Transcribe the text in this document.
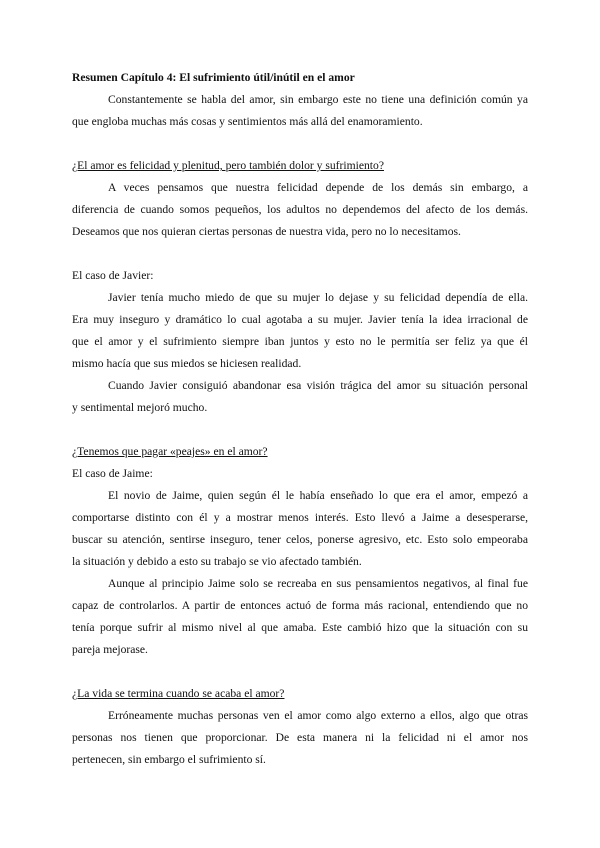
Resumen Capítulo 4: El sufrimiento útil/inútil en el amor

Constantemente se habla del amor, sin embargo este no tiene una definición común ya
que engloba muchas más cosas y sentimientos más allá del enamoramiento.

¿El amor es felicidad y plenitud, pero también dolor y sufrimiento?

A veces pensamos que nuestra felicidad depende de los demás sin embargo, a
diferencia de cuando somos pequeños, los adultos no dependemos del afecto de los demás.
Deseamos que nos quieran ciertas personas de nuestra vida, pero no lo necesitamos.

El caso de Javier:

Javier tenía mucho miedo de que su mujer lo dejase y su felicidad dependía de ella.
Era muy inseguro y dramático lo cual agotaba a su mujer. Javier tenía la idea irracional de
que el amor y el sufrimiento siempre iban juntos y esto no le permitía ser feliz ya que él
mismo hacía que sus miedos se hiciesen realidad.

Cuando Javier consiguió abandonar esa visión trágica del amor su situación personal
y sentimental mejoró mucho.

¿Tenemos que pagar «peajes» en el amor?
El caso de Jaime:

El novio de Jaime, quien según él le había enseñado lo que era el amor, empezó a
comportarse distinto con él y a mostrar menos interés. Esto llevó a Jaime a desesperarse,
buscar su atención, sentirse inseguro, tener celos, ponerse agresivo, etc. Esto solo empeoraba
la situación y debido a esto su trabajo se vio afectado también.

Aunque al principio Jaime solo se recreaba en sus pensamientos negativos, al final fue
capaz de controlarlos. A partir de entonces actuó de forma más racional, entendiendo que no
tenía porque sufrir al mismo nivel al que amaba. Este cambió hizo que la situación con su
pareja mejorase.

¿La vida se termina cuando se acaba el amor?

Erróneamente muchas personas ven el amor como algo externo a ellos, algo que otras
personas nos tienen que proporcionar. De esta manera ni la felicidad ni el amor nos
pertenecen, sin embargo el sufrimiento sí.
